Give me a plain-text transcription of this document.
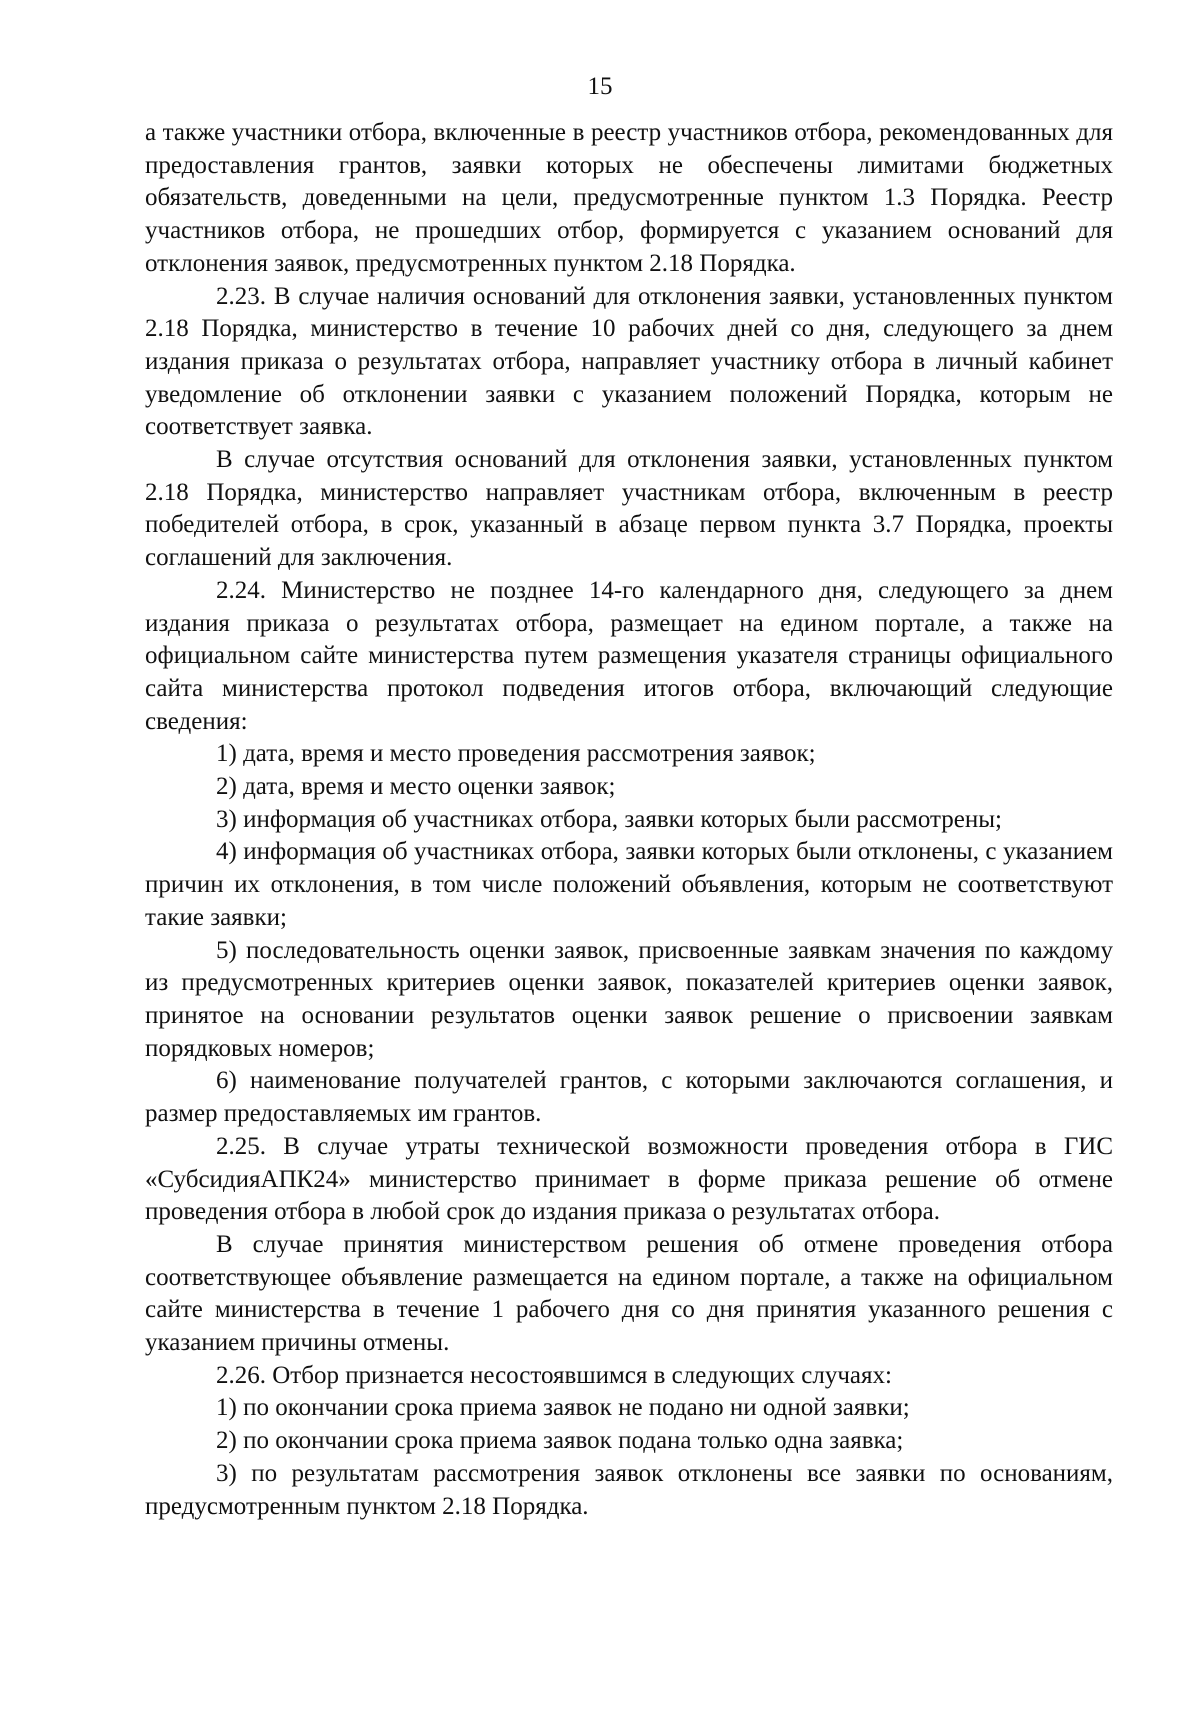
15

а также участники отбора, включенные в реестр участников отбора, рекомендованных для предоставления грантов, заявки которых не обеспечены лимитами бюджетных обязательств, доведенными на цели, предусмотренные пунктом 1.3 Порядка. Реестр участников отбора, не прошедших отбор, формируется с указанием оснований для отклонения заявок, предусмотренных пунктом 2.18 Порядка.

2.23. В случае наличия оснований для отклонения заявки, установленных пунктом 2.18 Порядка, министерство в течение 10 рабочих дней со дня, следующего за днем издания приказа о результатах отбора, направляет участнику отбора в личный кабинет уведомление об отклонении заявки с указанием положений Порядка, которым не соответствует заявка.

В случае отсутствия оснований для отклонения заявки, установленных пунктом 2.18 Порядка, министерство направляет участникам отбора, включенным в реестр победителей отбора, в срок, указанный в абзаце первом пункта 3.7 Порядка, проекты соглашений для заключения.

2.24. Министерство не позднее 14-го календарного дня, следующего за днем издания приказа о результатах отбора, размещает на едином портале, а также на официальном сайте министерства путем размещения указателя страницы официального сайта министерства протокол подведения итогов отбора, включающий следующие сведения:

1) дата, время и место проведения рассмотрения заявок;

2) дата, время и место оценки заявок;

3) информация об участниках отбора, заявки которых были рассмотрены;

4) информация об участниках отбора, заявки которых были отклонены, с указанием причин их отклонения, в том числе положений объявления, которым не соответствуют такие заявки;

5) последовательность оценки заявок, присвоенные заявкам значения по каждому из предусмотренных критериев оценки заявок, показателей критериев оценки заявок, принятое на основании результатов оценки заявок решение о присвоении заявкам порядковых номеров;

6) наименование получателей грантов, с которыми заключаются соглашения, и размер предоставляемых им грантов.

2.25. В случае утраты технической возможности проведения отбора в ГИС «СубсидияАПК24» министерство принимает в форме приказа решение об отмене проведения отбора в любой срок до издания приказа о результатах отбора.

В случае принятия министерством решения об отмене проведения отбора соответствующее объявление размещается на едином портале, а также на официальном сайте министерства в течение 1 рабочего дня со дня принятия указанного решения с указанием причины отмены.

2.26. Отбор признается несостоявшимся в следующих случаях:

1) по окончании срока приема заявок не подано ни одной заявки;

2) по окончании срока приема заявок подана только одна заявка;

3) по результатам рассмотрения заявок отклонены все заявки по основаниям, предусмотренным пунктом 2.18 Порядка.
